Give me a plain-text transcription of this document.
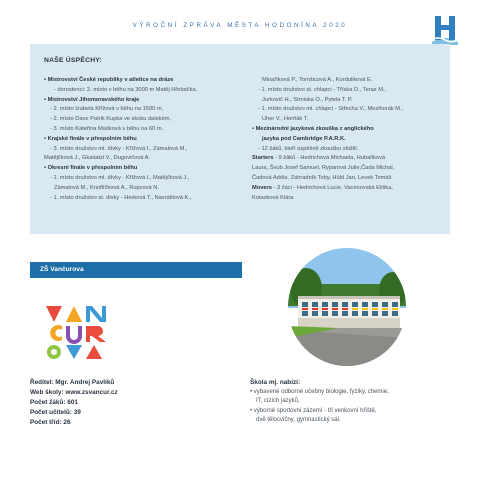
VÝROČNÍ ZPRÁVA MĚSTA HODONÍNA 2020
NAŠE ÚSPĚCHY:
• Mistrovství České republiky v atletice na dráze
- dorostenci: 2. místo v běhu na 3000 m Matěj Hřebačka.
• Mistrovství Jihomoravského kraje
- 2. místo Izabela Křížová v běhu na 1500 m,
- 2. místo Dave Patrik Kupka ve skoku dalekém,
- 3. místo Kateřina Mašková v běhu na 60 m.
• Krajské finále v přespolním běhu
- 3. místo družstvo ml. dívky - Křížová I., Zámalová M.,
Matějčková J., Gkaitatzi V., Dugovičová A.
• Okresní finále v přespolním běhu
- 1. místo družstvo ml. dívky - Křížová I., Matějčková J.,
Zámalová M., Knoflíčková A., Rupcová N.
- 1. místo družstvo st. dívky - Herková T., Navrátilová K.,
Minaříková P., Tomšicová A., Korduliková E.
- 1. místo družstvo st. chlapci - Tříska D., Teraz M.,
Jurkovič H., Strniska O., Pytela T. P.
- 1. místo družstvo ml. chlapci - Střecha V., Mezihorák M.,
Uher V., Horňák T.
• Mezinárodní jazyková zkouška z anglického
jazyka pod Cambridge P.A.R.K.
- 12 žáků, kteří úspěšně zkoušku složili.
Starters - 9 žáků - Hedrichová Michaela, Hubalíková
Laura, Švub Josef Samuel, Ryparová Julie,Čada Michal,
Čadová Adéla, Zahradník Toby, Hübl Jan, Levek Tomáš
Movers - 3 žáci - Hedrichová Lucie, Vacenovská Eliška,
Kotasková Klára
ZŠ Vančurova
Ředitel: Mgr. Andrej Pavlíků
Web školy: www.zsvancur.cz
Počet žáků: 601
Počet učitelů: 39
Počet tříd: 26
Škola mj. nabízí:
• vybavené odborné učebny biologie, fyziky, chemie,
IT, cizích jazyků,
• výborné sportovní zázemí - tři venkovní hřiště,
dvě tělocvičny, gymnastický sál.
